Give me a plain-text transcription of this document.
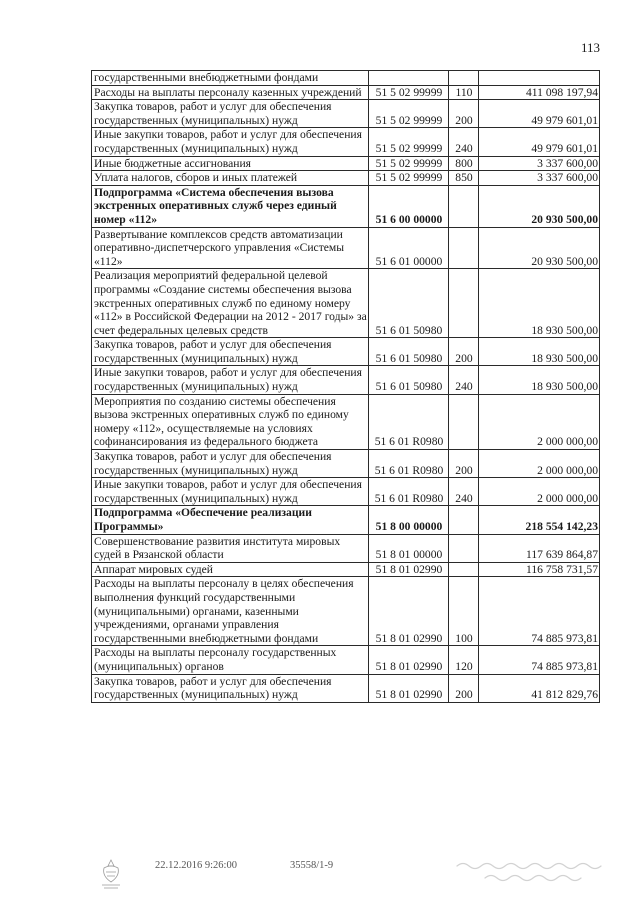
113
государственными внебюджетными фондами			
Расходы на выплаты персоналу казенных учреждений	51 5 02 99999	110	411 098 197,94
Закупка товаров, работ и услуг для обеспечения государственных (муниципальных) нужд	51 5 02 99999	200	49 979 601,01
Иные закупки товаров, работ и услуг для обеспечения государственных (муниципальных) нужд	51 5 02 99999	240	49 979 601,01
Иные бюджетные ассигнования	51 5 02 99999	800	3 337 600,00
Уплата налогов, сборов и иных платежей	51 5 02 99999	850	3 337 600,00
Подпрограмма «Система обеспечения вызова экстренных оперативных служб через единый номер «112»	51 6 00 00000		20 930 500,00
Развертывание комплексов средств автоматизации оперативно-диспетчерского управления «Системы «112»	51 6 01 00000		20 930 500,00
Реализация мероприятий федеральной целевой программы «Создание системы обеспечения вызова экстренных оперативных служб по единому номеру «112» в Российской Федерации на 2012 - 2017 годы» за счет федеральных целевых средств	51 6 01 50980		18 930 500,00
Закупка товаров, работ и услуг для обеспечения государственных (муниципальных) нужд	51 6 01 50980	200	18 930 500,00
Иные закупки товаров, работ и услуг для обеспечения государственных (муниципальных) нужд	51 6 01 50980	240	18 930 500,00
Мероприятия по созданию системы обеспечения вызова экстренных оперативных служб по единому номеру «112», осуществляемые на условиях софинансирования из федерального бюджета	51 6 01 R0980		2 000 000,00
Закупка товаров, работ и услуг для обеспечения государственных (муниципальных) нужд	51 6 01 R0980	200	2 000 000,00
Иные закупки товаров, работ и услуг для обеспечения государственных (муниципальных) нужд	51 6 01 R0980	240	2 000 000,00
Подпрограмма «Обеспечение реализации Программы»	51 8 00 00000		218 554 142,23
Совершенствование развития института мировых судей в Рязанской области	51 8 01 00000		117 639 864,87
Аппарат мировых судей	51 8 01 02990		116 758 731,57
Расходы на выплаты персоналу в целях обеспечения выполнения функций государственными (муниципальными) органами, казенными учреждениями, органами управления государственными внебюджетными фондами	51 8 01 02990	100	74 885 973,81
Расходы на выплаты персоналу государственных (муниципальных) органов	51 8 01 02990	120	74 885 973,81
Закупка товаров, работ и услуг для обеспечения государственных (муниципальных) нужд	51 8 01 02990	200	41 812 829,76
22.12.2016 9:26:00	35558/1-9
